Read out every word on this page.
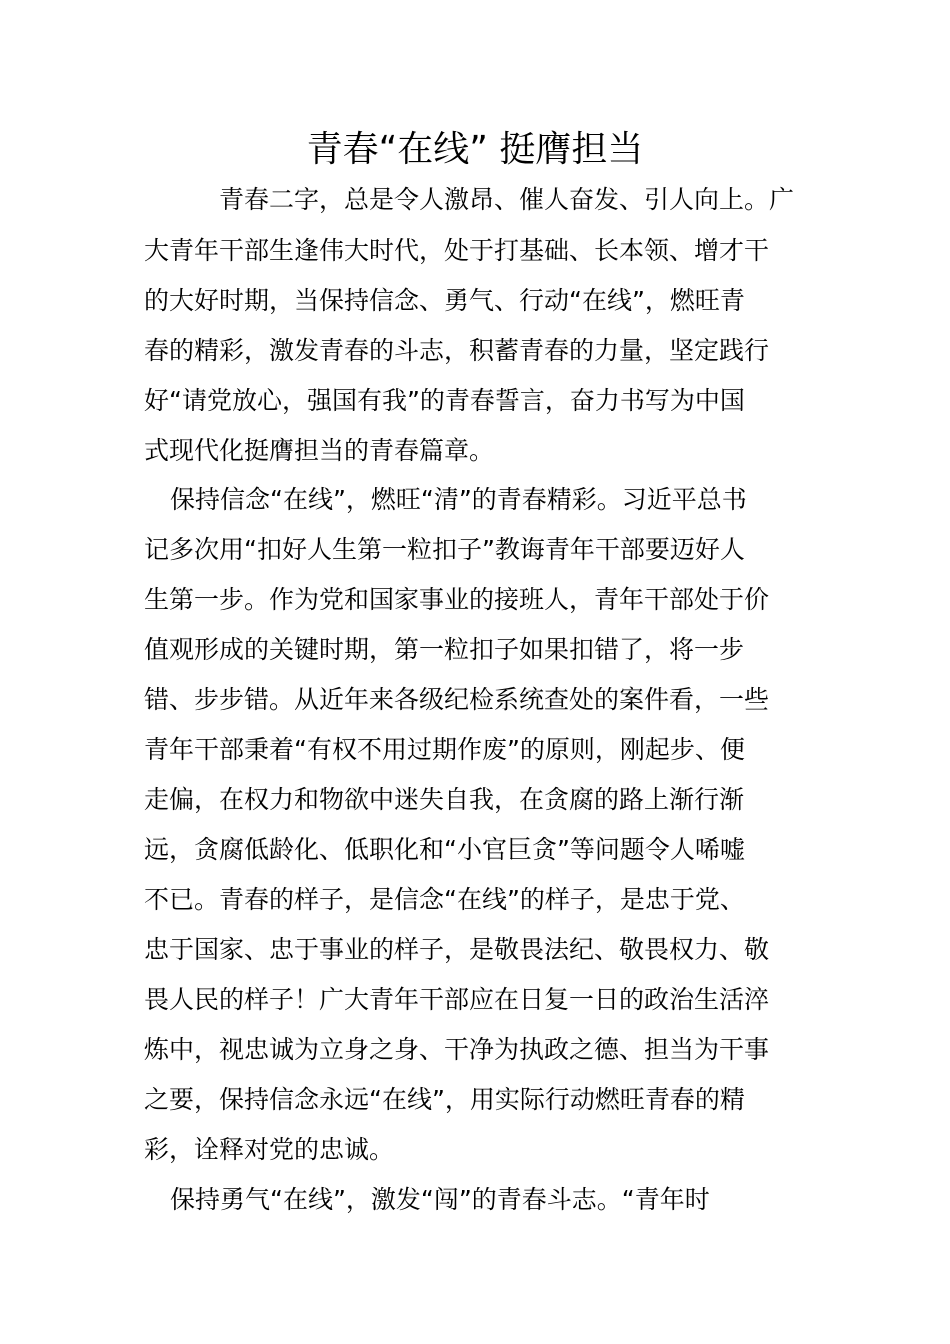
青春“在线” 挺膺担当
青春二字，总是令人激昂、催人奋发、引人向上。广
大青年干部生逢伟大时代，处于打基础、长本领、增才干
的大好时期，当保持信念、勇气、行动“在线”，燃旺青
春的精彩，激发青春的斗志，积蓄青春的力量，坚定践行
好“请党放心，强国有我”的青春誓言，奋力书写为中国
式现代化挺膺担当的青春篇章。
保持信念“在线”，燃旺“清”的青春精彩。习近平总书
记多次用“扣好人生第一粒扣子”教诲青年干部要迈好人
生第一步。作为党和国家事业的接班人，青年干部处于价
值观形成的关键时期，第一粒扣子如果扣错了，将一步
错、步步错。从近年来各级纪检系统查处的案件看，一些
青年干部秉着“有权不用过期作废”的原则，刚起步、便
走偏，在权力和物欲中迷失自我，在贪腐的路上渐行渐
远，贪腐低龄化、低职化和“小官巨贪”等问题令人唏嘘
不已。青春的样子，是信念“在线”的样子，是忠于党、
忠于国家、忠于事业的样子，是敬畏法纪、敬畏权力、敬
畏人民的样子！广大青年干部应在日复一日的政治生活淬
炼中，视忠诚为立身之身、干净为执政之德、担当为干事
之要，保持信念永远“在线”，用实际行动燃旺青春的精
彩，诠释对党的忠诚。
保持勇气“在线”，激发“闯”的青春斗志。“青年时
